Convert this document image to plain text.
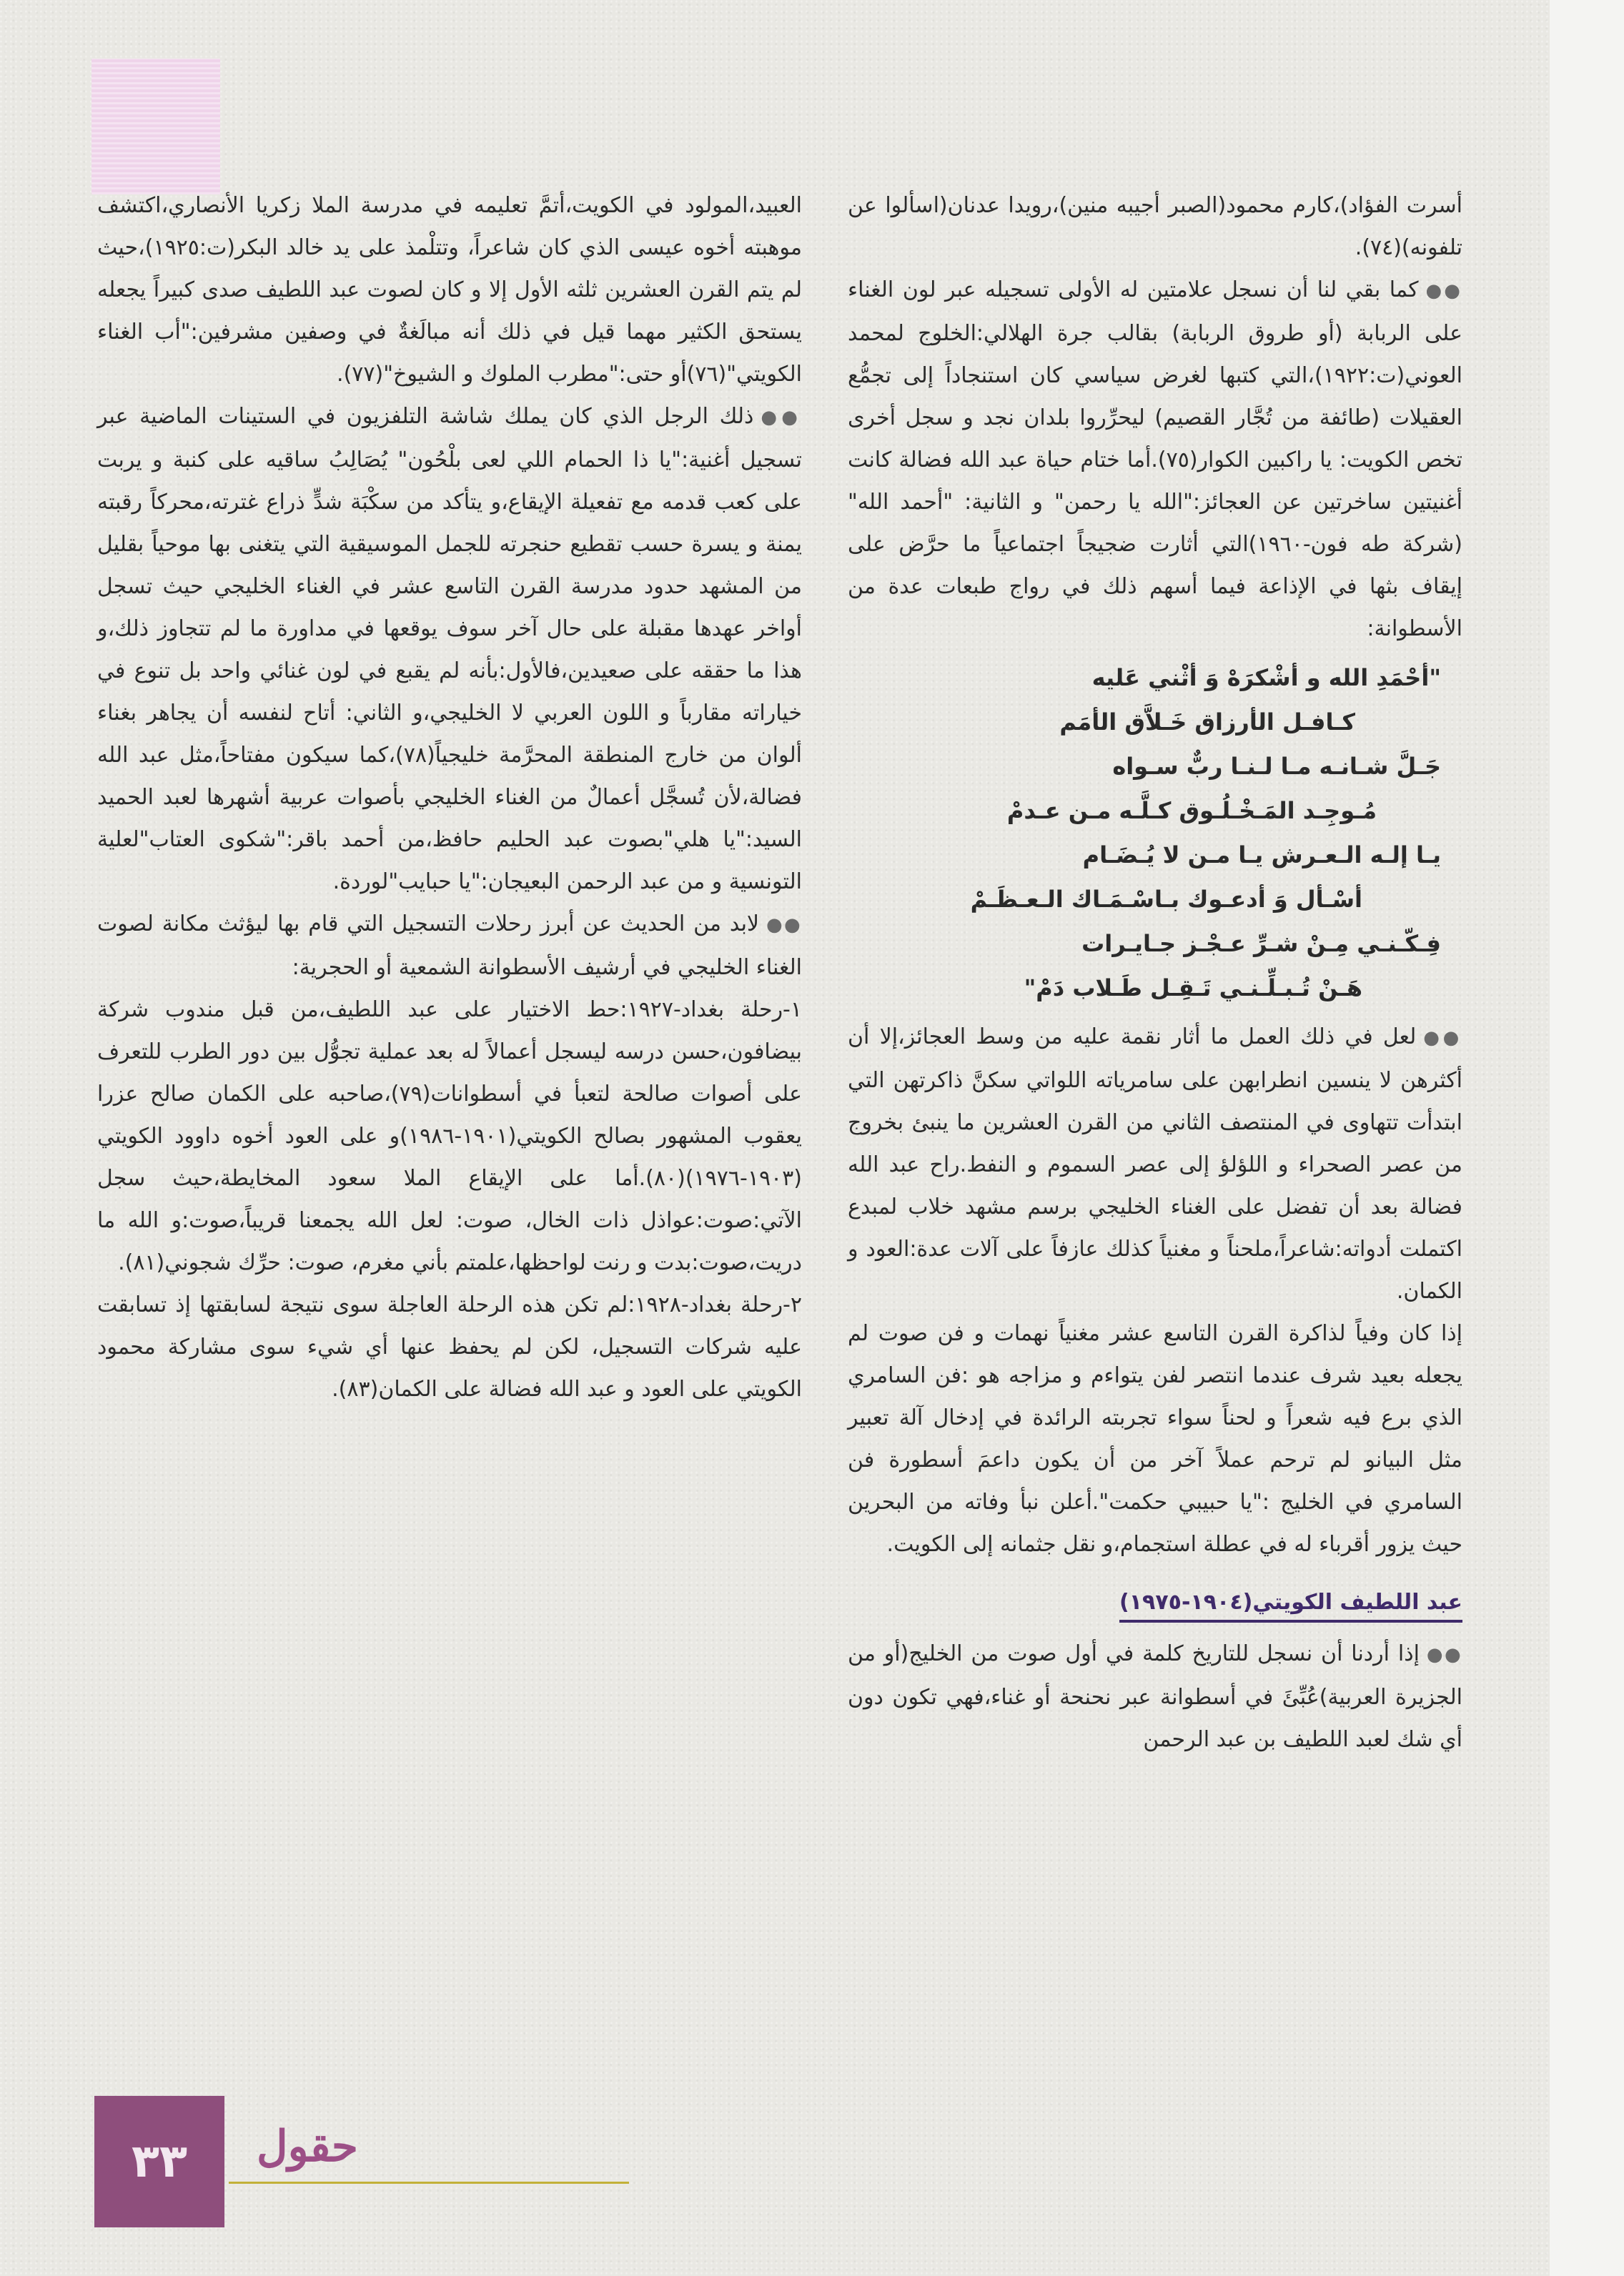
أسرت الفؤاد)،كارم محمود(الصبر أجيبه منين)،رويدا عدنان(اسألوا عن تلفونه)(٧٤).

●●كما بقي لنا أن نسجل علامتين له الأولى تسجيله عبر لون الغناء على الربابة (أو طروق الربابة) بقالب جرة الهلالي:الخلوج لمحمد العوني(ت:١٩٢٢)،التي كتبها لغرض سياسي كان استنجاداً إلى تجمُّع العقيلات (طائفة من تُجَّار القصيم) ليحرِّروا بلدان نجد و سجل أخرى تخص الكويت: يا راكبين الكوار(٧٥).أما ختام حياة عبد الله فضالة كانت أغنيتين ساخرتين عن العجائز:"الله يا رحمن" و الثانية: "أحمد الله"(شركة طه فون-١٩٦٠)التي أثارت ضجيجاً اجتماعياً ما حرَّض على إيقاف بثها في الإذاعة فيما أسهم ذلك في رواج طبعات عدة من الأسطوانة:

"أحْمَدِ الله و أشْكرَهْ وَ أثْني عَليه
كـافـل الأرزاق خَـلاَّق الأمَم
جَـلَّ شـانـه مـا لـنـا ربٌّ سـواه
مُـوجِـد المَـخْـلُـوق كـلَّـه مـن عـدمْ
يـا إلـه الـعـرش يـا مـن لا يُـضَـام
أسْـأل وَ أدعـوك بـاسْـمَـاك الـعـظَـمْ
فِـكّـنـي مِـنْ شـرِّ عـجْـز جـايـرات
هَـنْ تُـبـلِّـنـي تَـقِـل طَـلاب دَمْ"

●●لعل في ذلك العمل ما أثار نقمة عليه من وسط العجائز،إلا أن أكثرهن لا ينسين انطرابهن على سامرياته اللواتي سكنَّ ذاكرتهن التي ابتدأت تتهاوى في المنتصف الثاني من القرن العشرين ما ينبئ بخروج من عصر الصحراء و اللؤلؤ إلى عصر السموم و النفط.راح عبد الله فضالة بعد أن تفضل على الغناء الخليجي برسم مشهد خلاب لمبدع اكتملت أدواته:شاعراً،ملحناً و مغنياً كذلك عازفاً على آلات عدة:العود و الكمان.

إذا كان وفياً لذاكرة القرن التاسع عشر مغنياً نهمات و فن صوت لم يجعله بعيد شرف عندما انتصر لفن يتواءم و مزاجه هو :فن السامري الذي برع فيه شعراً و لحناً سواء تجربته الرائدة في إدخال آلة تعبير مثل البيانو لم ترحم عملاً آخر من أن يكون داعمَ أسطورة فن السامري في الخليج :"يا حبيبي حكمت".أعلن نبأ وفاته من البحرين حيث يزور أقرباء له في عطلة استجمام،و نقل جثمانه إلى الكويت.

عبد اللطيف الكويتي(١٩٠٤-١٩٧٥)

●●إذا أردنا أن نسجل للتاريخ كلمة في أول صوت من الخليج(أو من الجزيرة العربية)عُبِّئَ في أسطوانة عبر نحنحة أو غناء،فهي تكون دون أي شك لعبد اللطيف بن عبد الرحمن

العبيد،المولود في الكويت،أتمَّ تعليمه في مدرسة الملا زكريا الأنصاري،اكتشف موهبته أخوه عيسى الذي كان شاعراً، وتتلْمذ على يد خالد البكر(ت:١٩٢٥)،حيث لم يتم القرن العشرين ثلثه الأول إلا و كان لصوت عبد اللطيف صدى كبيراً يجعله يستحق الكثير مهما قيل في ذلك أنه مبالَغةٌ في وصفين مشرفين:"أب الغناء الكويتي"(٧٦)أو حتى:"مطرب الملوك و الشيوخ"(٧٧).

●●ذلك الرجل الذي كان يملك شاشة التلفزيون في الستينات الماضية عبر تسجيل أغنية:"يا ذا الحمام اللي لعى بلْحُون" يُصَالِبُ ساقيه على كنبة و يربت على كعب قدمه مع تفعيلة الإيقاع،و يتأكد من سكْبَة شدٍّ ذراع غترته،محركاً رقبته يمنة و يسرة حسب تقطيع حنجرته للجمل الموسيقية التي يتغنى بها موحياً بقليل من المشهد حدود مدرسة القرن التاسع عشر في الغناء الخليجي حيث تسجل أواخر عهدها مقبلة على حال آخر سوف يوقعها في مداورة ما لم تتجاوز ذلك،و هذا ما حققه على صعيدين،فالأول:بأنه لم يقبع في لون غنائي واحد بل تنوع في خياراته مقارباً و اللون العربي لا الخليجي،و الثاني: أتاح لنفسه أن يجاهر بغناء ألوان من خارج المنطقة المحرَّمة خليجياً(٧٨)،كما سيكون مفتاحاً،مثل عبد الله فضالة،لأن تُسجَّل أعمالٌ من الغناء الخليجي بأصوات عربية أشهرها لعبد الحميد السيد:"يا هلي"بصوت عبد الحليم حافظ،من أحمد باقر:"شكوى العتاب"لعلية التونسية و من عبد الرحمن البعيجان:"يا حبايب"لوردة.

●●لابد من الحديث عن أبرز رحلات التسجيل التي قام بها ليؤثث مكانة لصوت الغناء الخليجي في أرشيف الأسطوانة الشمعية أو الحجرية:

١-رحلة بغداد-١٩٢٧:حط الاختيار على عبد اللطيف،من قبل مندوب شركة بيضافون،حسن درسه ليسجل أعمالاً له بعد عملية تجوُّل بين دور الطرب للتعرف على أصوات صالحة لتعبأ في أسطوانات(٧٩)،صاحبه على الكمان صالح عزرا يعقوب المشهور بصالح الكويتي(١٩٠١-١٩٨٦)و على العود أخوه داوود الكويتي (١٩٠٣-١٩٧٦)(٨٠).أما على الإيقاع الملا سعود المخايطة،حيث سجل الآتي:صوت:عواذل ذات الخال، صوت: لعل الله يجمعنا قريباً،صوت:و الله ما دريت،صوت:بدت و رنت لواحظها،علمتم بأني مغرم، صوت: حرِّك شجوني(٨١).

٢-رحلة بغداد-١٩٢٨:لم تكن هذه الرحلة العاجلة سوى نتيجة لسابقتها إذ تسابقت عليه شركات التسجيل، لكن لم يحفظ عنها أي شيء سوى مشاركة محمود الكويتي على العود و عبد الله فضالة على الكمان(٨٣).

٣٣	حقول
